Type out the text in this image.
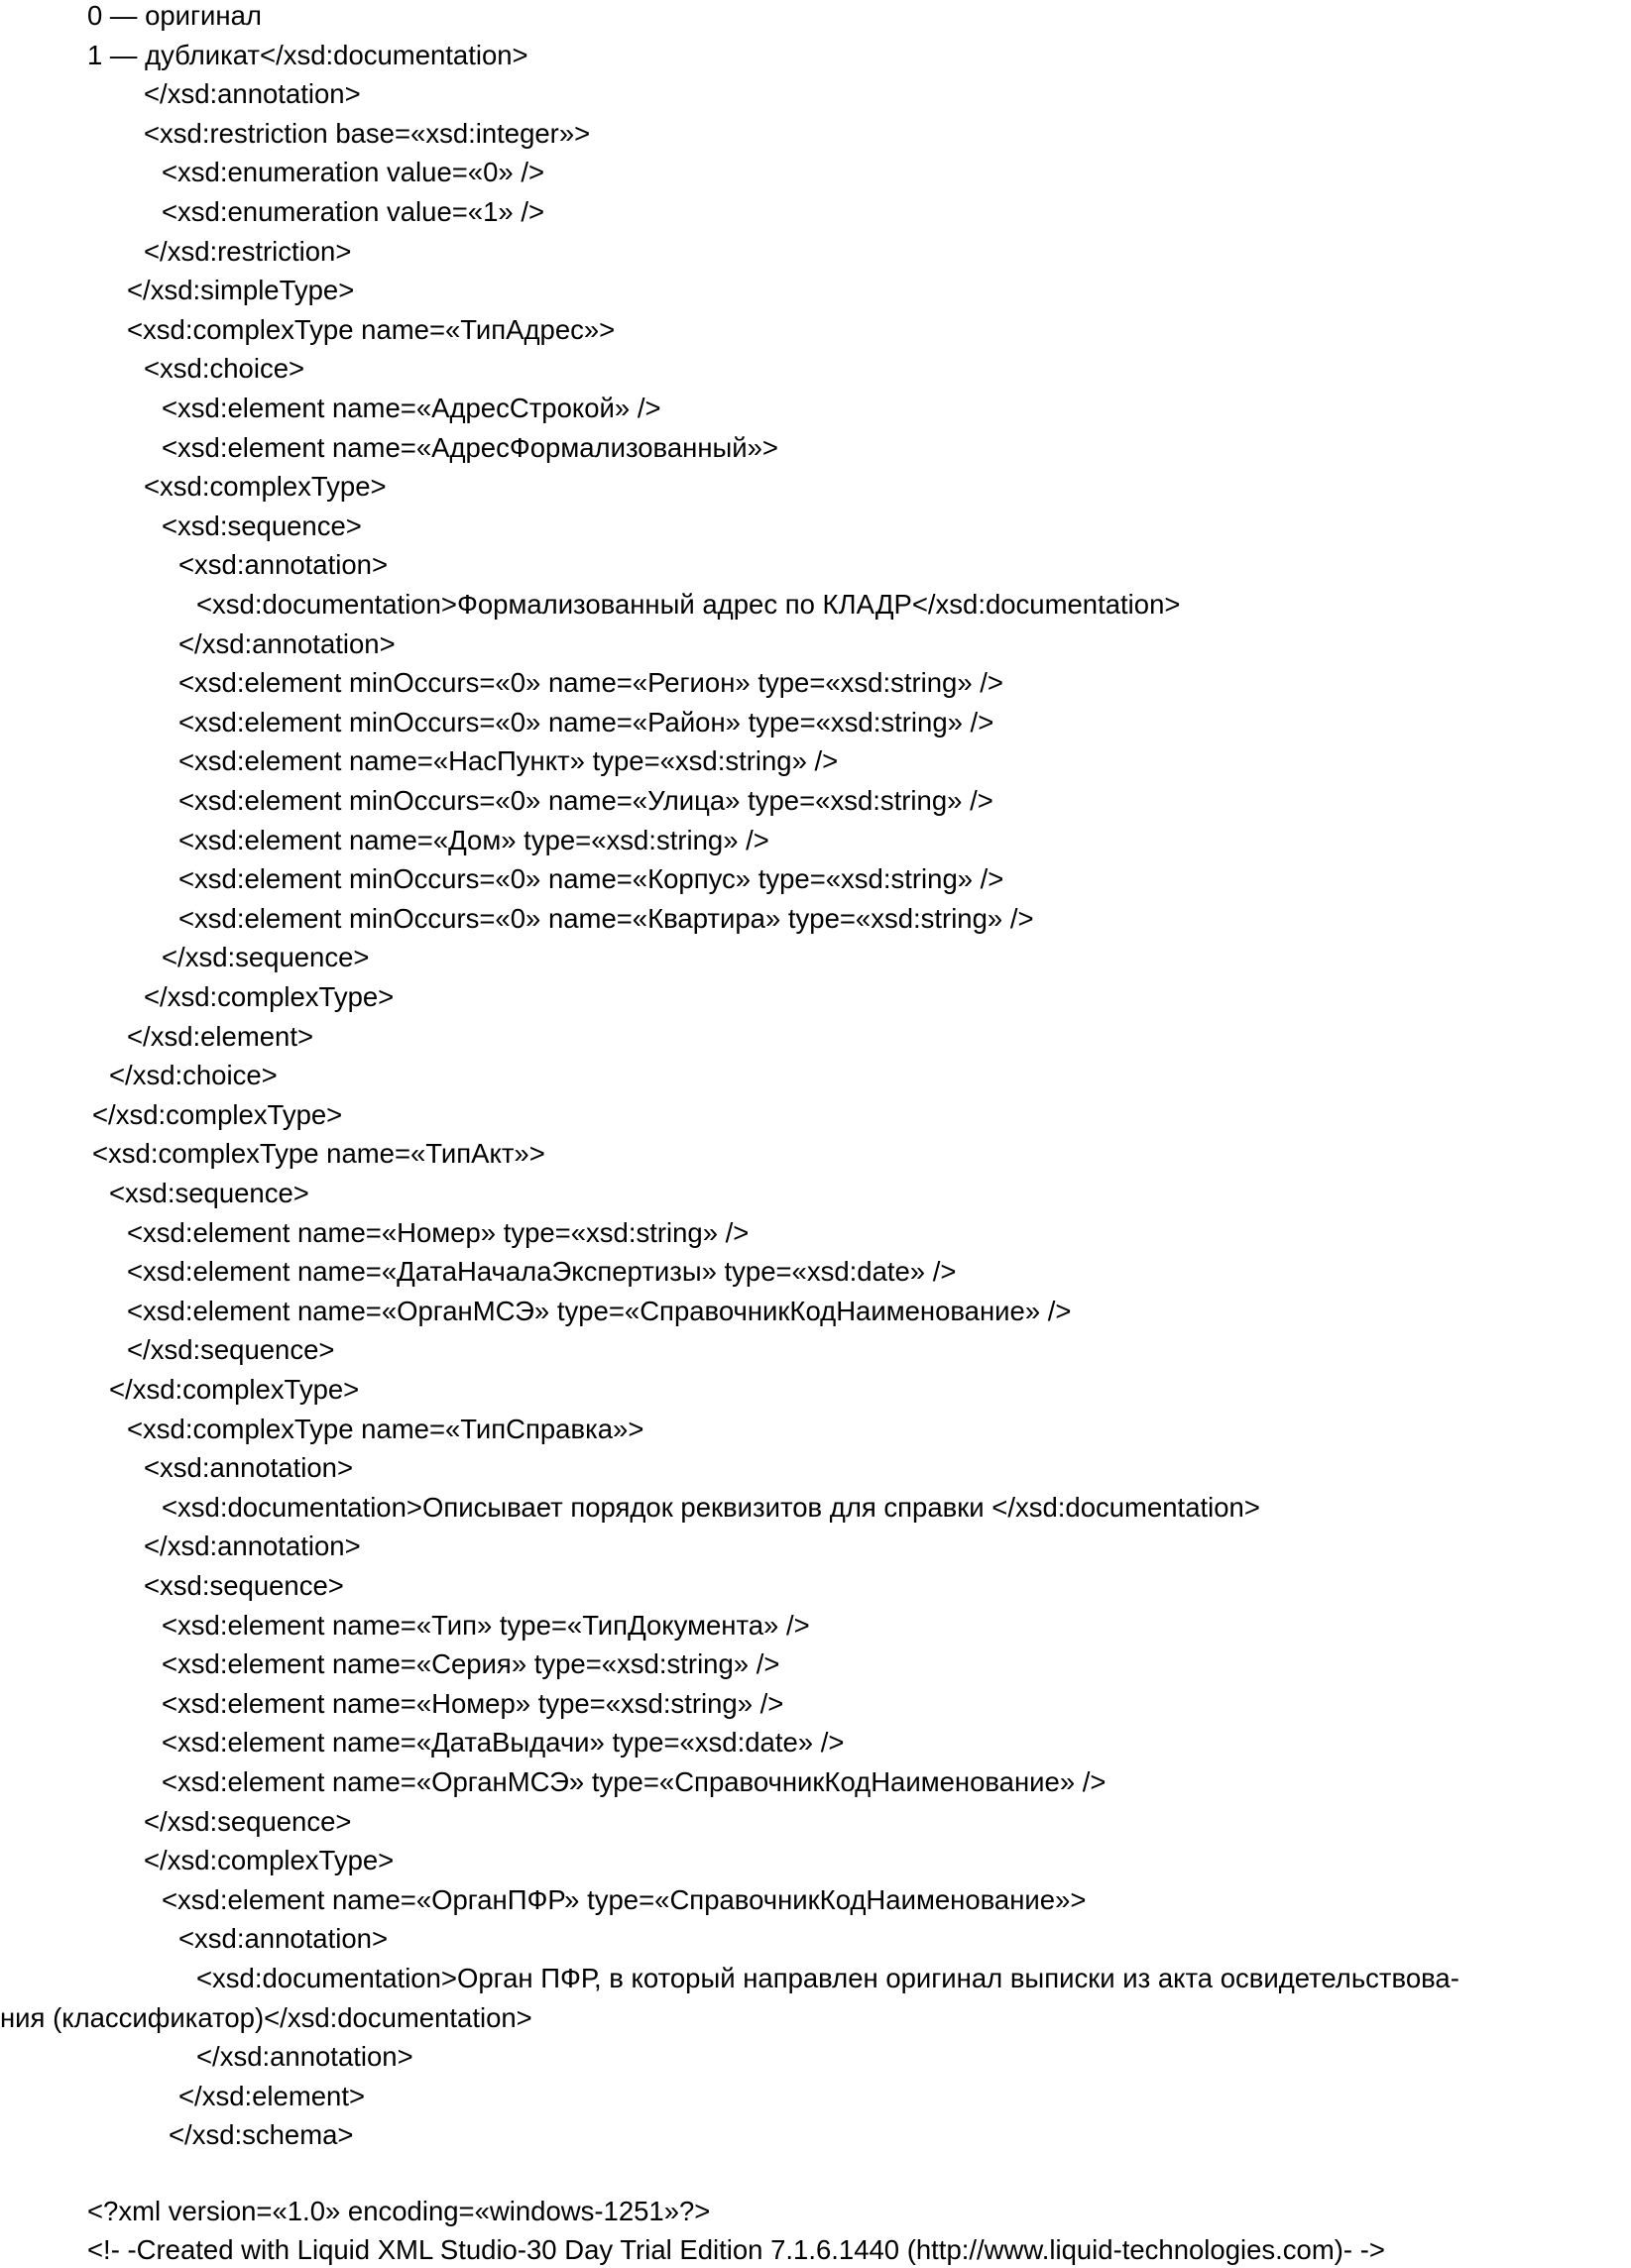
0 — оригинал
1 — дубликат</xsd:documentation>
</xsd:annotation>
<xsd:restriction base=«xsd:integer»>
<xsd:enumeration value=«0» />
<xsd:enumeration value=«1» />
</xsd:restriction>
</xsd:simpleType>
<xsd:complexType name=«ТипАдрес»>
<xsd:choice>
<xsd:element name=«АдресСтрокой» />
<xsd:element name=«АдресФормализованный»>
<xsd:complexType>
<xsd:sequence>
<xsd:annotation>
<xsd:documentation>Формализованный адрес по КЛАДР</xsd:documentation>
</xsd:annotation>
<xsd:element minOccurs=«0» name=«Регион» type=«xsd:string» />
<xsd:element minOccurs=«0» name=«Район» type=«xsd:string» />
<xsd:element name=«НасПункт» type=«xsd:string» />
<xsd:element minOccurs=«0» name=«Улица» type=«xsd:string» />
<xsd:element name=«Дом» type=«xsd:string» />
<xsd:element minOccurs=«0» name=«Корпус» type=«xsd:string» />
<xsd:element minOccurs=«0» name=«Квартира» type=«xsd:string» />
</xsd:sequence>
</xsd:complexType>
</xsd:element>
</xsd:choice>
</xsd:complexType>
<xsd:complexType name=«ТипАкт»>
<xsd:sequence>
<xsd:element name=«Номер» type=«xsd:string» />
<xsd:element name=«ДатаНачалаЭкспертизы» type=«xsd:date» />
<xsd:element name=«ОрганМСЭ» type=«СправочникКодНаименование» />
</xsd:sequence>
</xsd:complexType>
<xsd:complexType name=«ТипСправка»>
<xsd:annotation>
<xsd:documentation>Описывает порядок реквизитов для справки </xsd:documentation>
</xsd:annotation>
<xsd:sequence>
<xsd:element name=«Тип» type=«ТипДокумента» />
<xsd:element name=«Серия» type=«xsd:string» />
<xsd:element name=«Номер» type=«xsd:string» />
<xsd:element name=«ДатаВыдачи» type=«xsd:date» />
<xsd:element name=«ОрганМСЭ» type=«СправочникКодНаименование» />
</xsd:sequence>
</xsd:complexType>
<xsd:element name=«ОрганПФР» type=«СправочникКодНаименование»>
<xsd:annotation>
<xsd:documentation>Орган ПФР, в который направлен оригинал выписки из акта освидетельствова-
ния (классификатор)</xsd:documentation>
</xsd:annotation>
</xsd:element>
</xsd:schema>
<?xml version=«1.0» encoding=«windows-1251»?>
<!- -Created with Liquid XML Studio-30 Day Trial Edition 7.1.6.1440 (http://www.liquid-technologies.com)- ->
